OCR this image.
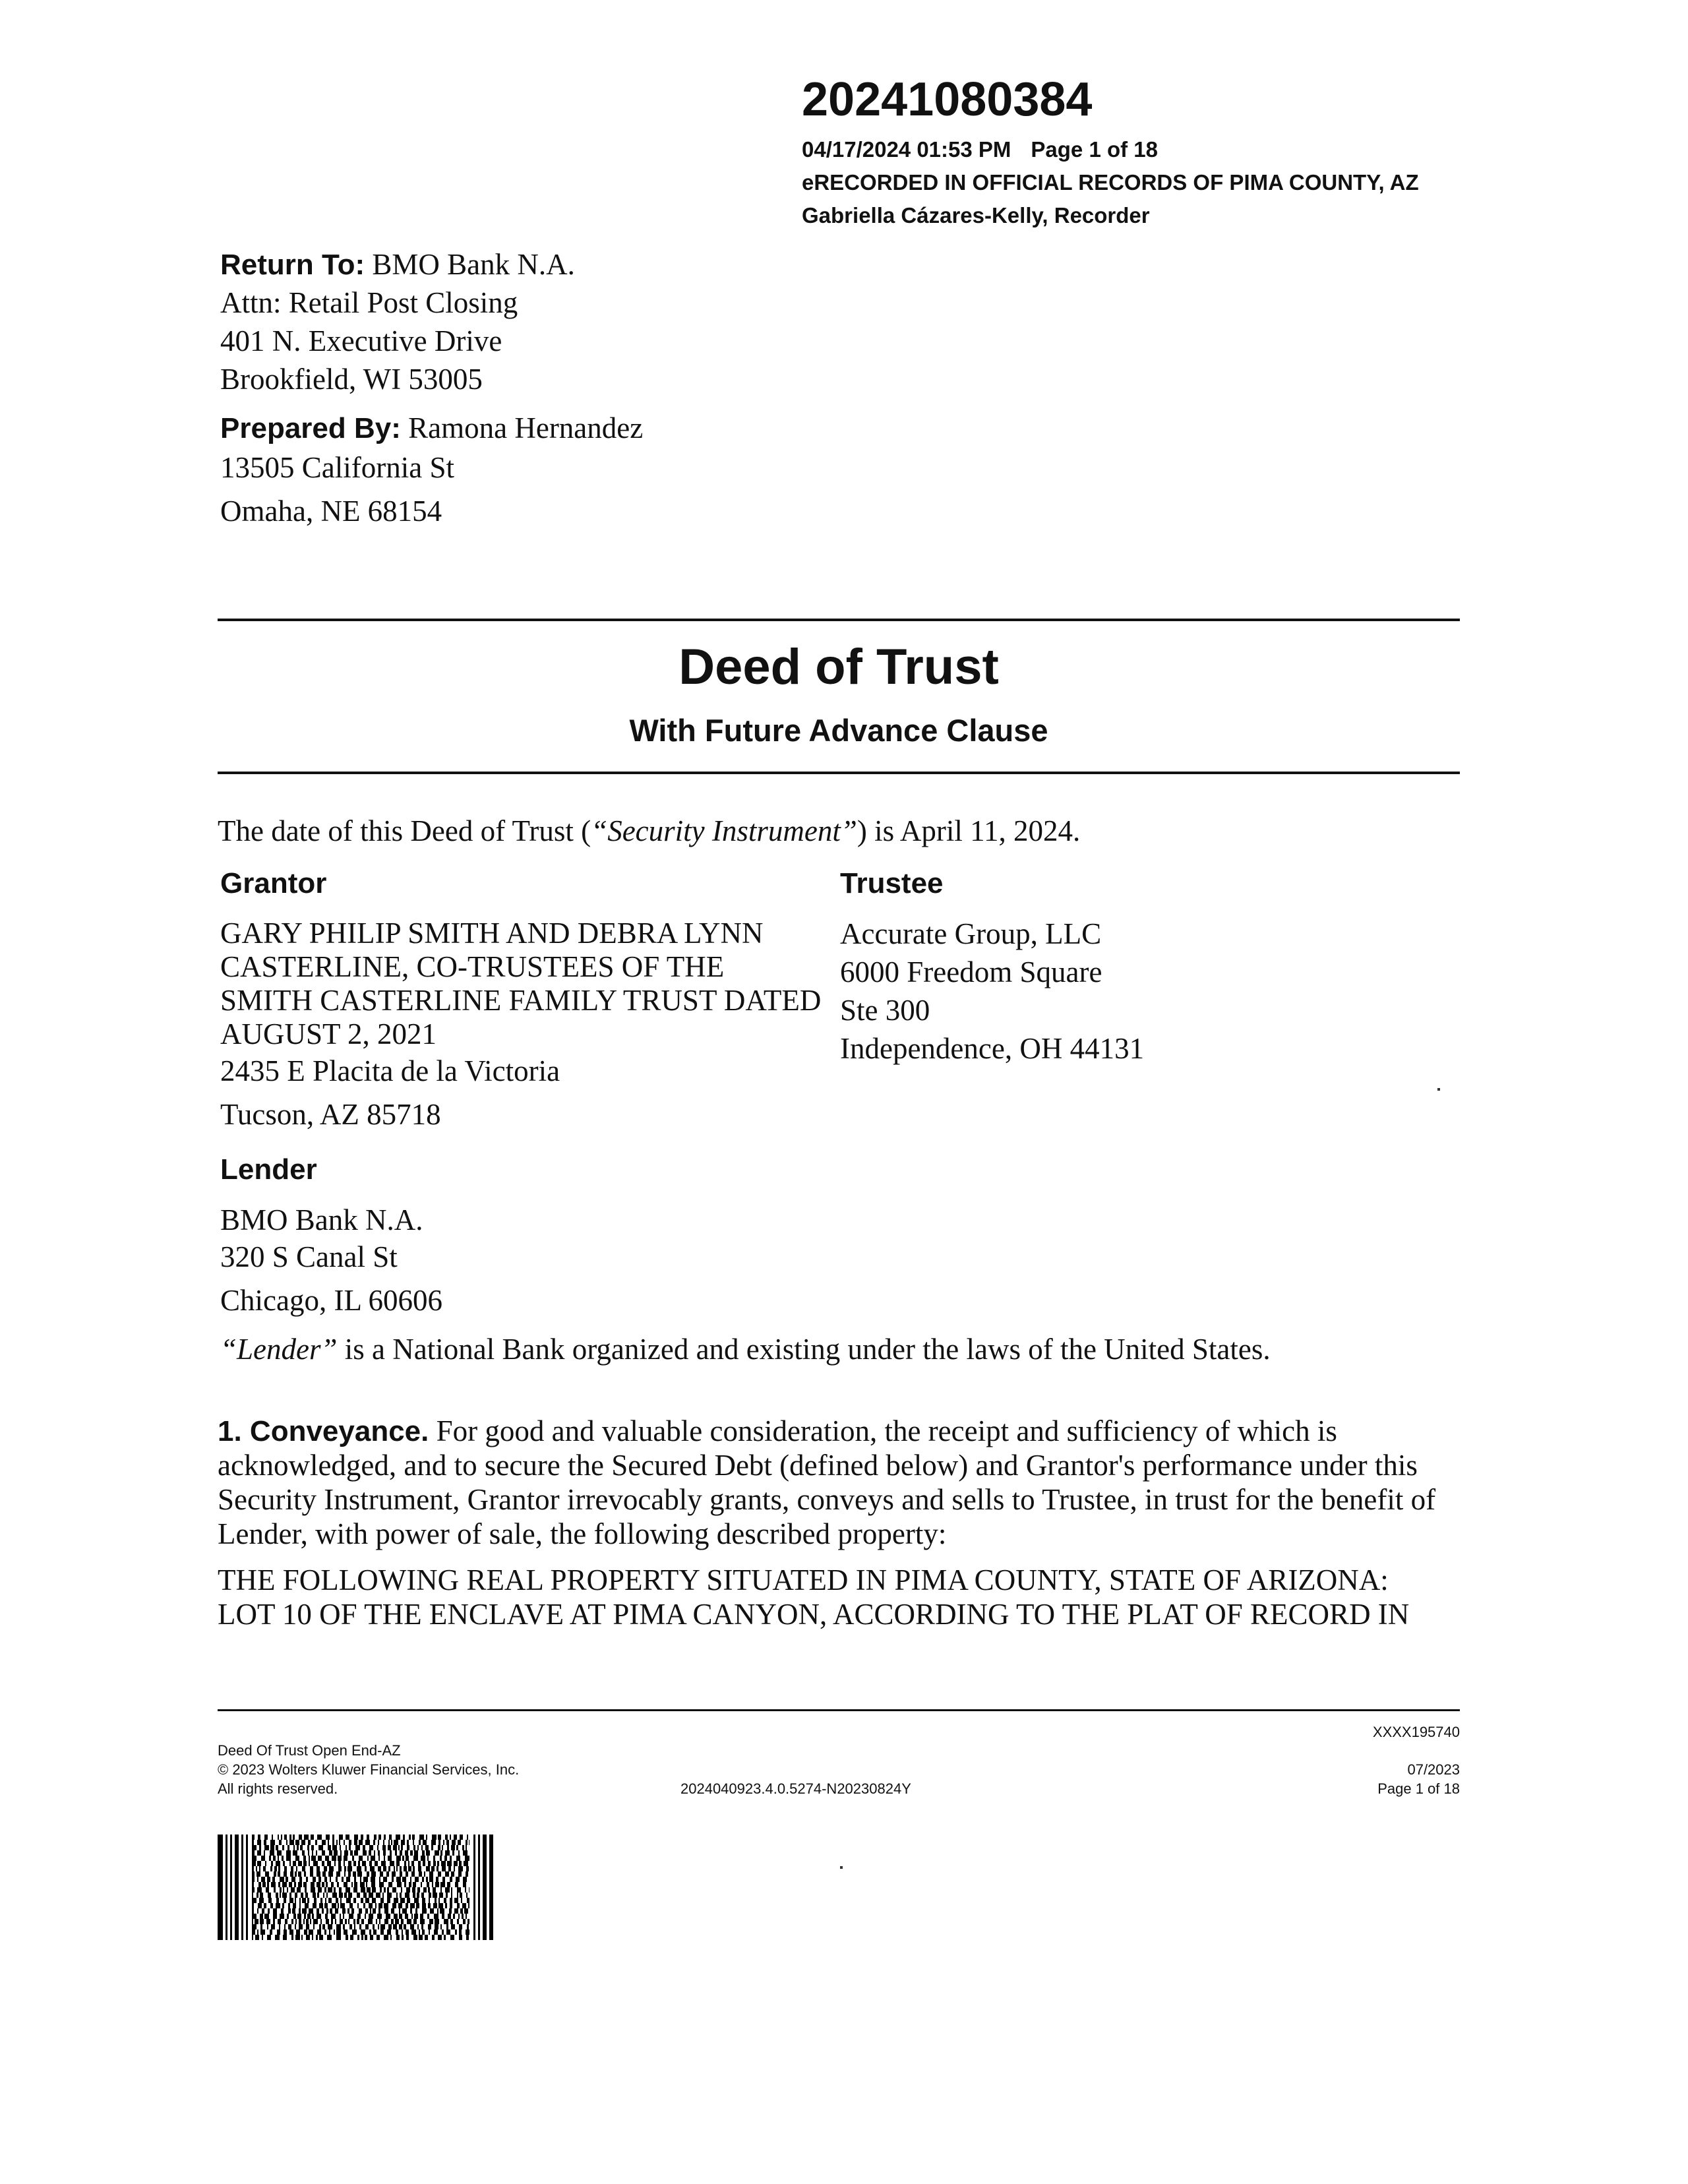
20241080384
04/17/2024 01:53 PM Page 1 of 18
eRECORDED IN OFFICIAL RECORDS OF PIMA COUNTY, AZ
Gabriella Cázares-Kelly, Recorder
Return To: BMO Bank N.A.
Attn: Retail Post Closing
401 N. Executive Drive
Brookfield, WI 53005
Prepared By: Ramona Hernandez
13505 California St
Omaha, NE 68154
Deed of Trust
With Future Advance Clause
The date of this Deed of Trust (“Security Instrument”) is April 11, 2024.
Grantor
GARY PHILIP SMITH AND DEBRA LYNN
CASTERLINE, CO-TRUSTEES OF THE
SMITH CASTERLINE FAMILY TRUST DATED
AUGUST 2, 2021
2435 E Placita de la Victoria
Tucson, AZ 85718
Trustee
Accurate Group, LLC
6000 Freedom Square
Ste 300
Independence, OH 44131
Lender
BMO Bank N.A.
320 S Canal St
Chicago, IL 60606
“Lender” is a National Bank organized and existing under the laws of the United States.
1. Conveyance. For good and valuable consideration, the receipt and sufficiency of which is
acknowledged, and to secure the Secured Debt (defined below) and Grantor's performance under this
Security Instrument, Grantor irrevocably grants, conveys and sells to Trustee, in trust for the benefit of
Lender, with power of sale, the following described property:
THE FOLLOWING REAL PROPERTY SITUATED IN PIMA COUNTY, STATE OF ARIZONA:
LOT 10 OF THE ENCLAVE AT PIMA CANYON, ACCORDING TO THE PLAT OF RECORD IN
XXXX195740
Deed Of Trust Open End-AZ
© 2023 Wolters Kluwer Financial Services, Inc.
All rights reserved.	2024040923.4.0.5274-N20230824Y
07/2023
Page 1 of 18
